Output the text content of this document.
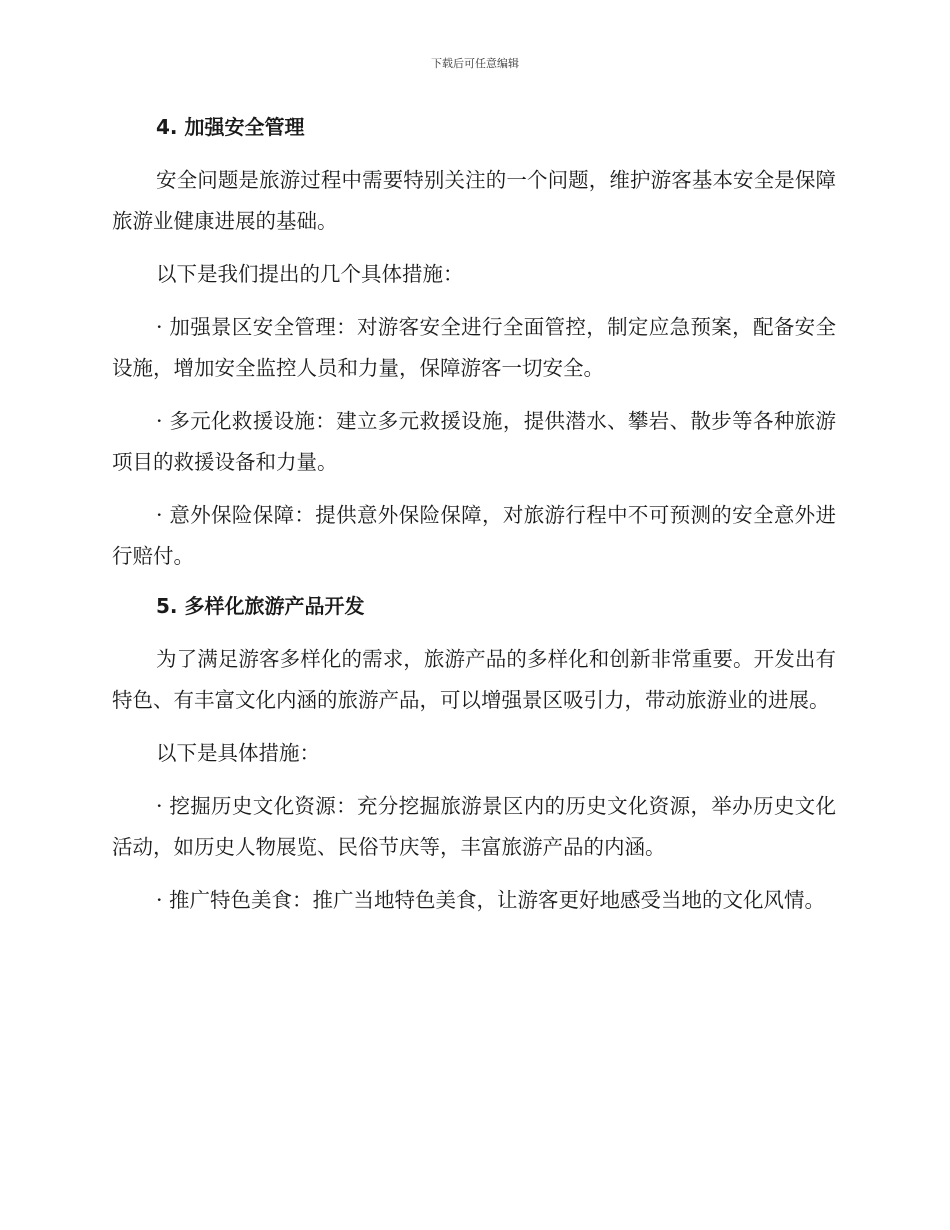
下载后可任意编辑
4. 加强安全管理

安全问题是旅游过程中需要特别关注的一个问题，维护游客基本安全是保障旅游业健康进展的基础。

以下是我们提出的几个具体措施：

· 加强景区安全管理：对游客安全进行全面管控，制定应急预案，配备安全设施，增加安全监控人员和力量，保障游客一切安全。

· 多元化救援设施：建立多元救援设施，提供潜水、攀岩、散步等各种旅游项目的救援设备和力量。

· 意外保险保障：提供意外保险保障，对旅游行程中不可预测的安全意外进行赔付。

5. 多样化旅游产品开发

为了满足游客多样化的需求，旅游产品的多样化和创新非常重要。开发出有特色、有丰富文化内涵的旅游产品，可以增强景区吸引力，带动旅游业的进展。

以下是具体措施：

· 挖掘历史文化资源：充分挖掘旅游景区内的历史文化资源，举办历史文化活动，如历史人物展览、民俗节庆等，丰富旅游产品的内涵。

· 推广特色美食：推广当地特色美食，让游客更好地感受当地的文化风情。
